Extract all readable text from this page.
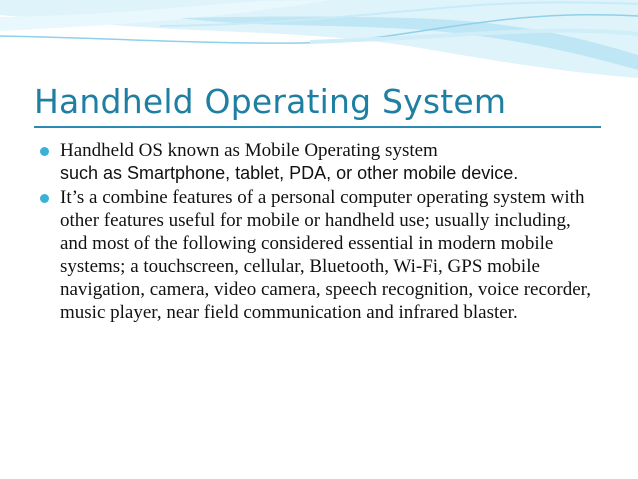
Handheld Operating System
Handheld OS known as Mobile Operating system
such as Smartphone, tablet, PDA, or other mobile device.
It’s a combine features of a personal computer operating system with other features useful for mobile or handheld use; usually including, and most of the following considered essential in modern mobile systems; a touchscreen, cellular, Bluetooth, Wi-Fi, GPS mobile navigation, camera, video camera, speech recognition, voice recorder, music player, near field communication and infrared blaster.
